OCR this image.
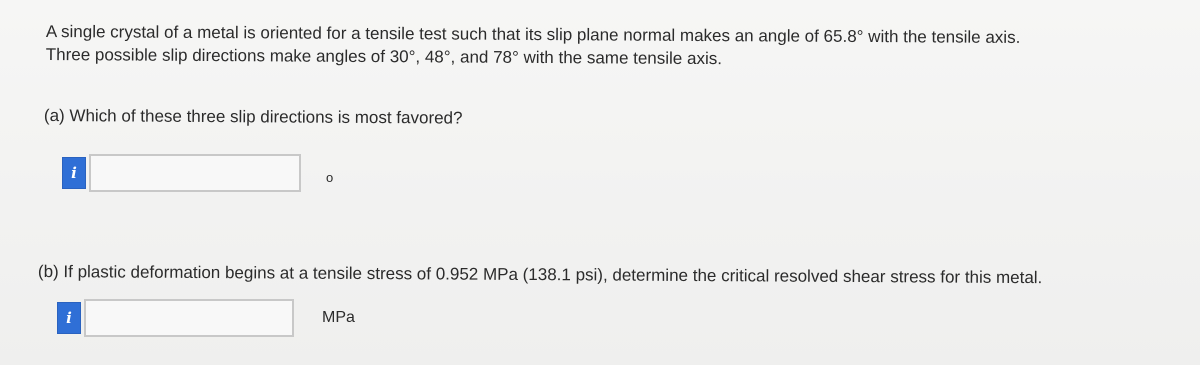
A single crystal of a metal is oriented for a tensile test such that its slip plane normal makes an angle of 65.8° with the tensile axis.
Three possible slip directions make angles of 30°, 48°, and 78° with the same tensile axis.
(a) Which of these three slip directions is most favored?
i	o
(b) If plastic deformation begins at a tensile stress of 0.952 MPa (138.1 psi), determine the critical resolved shear stress for this metal.
i	MPa
